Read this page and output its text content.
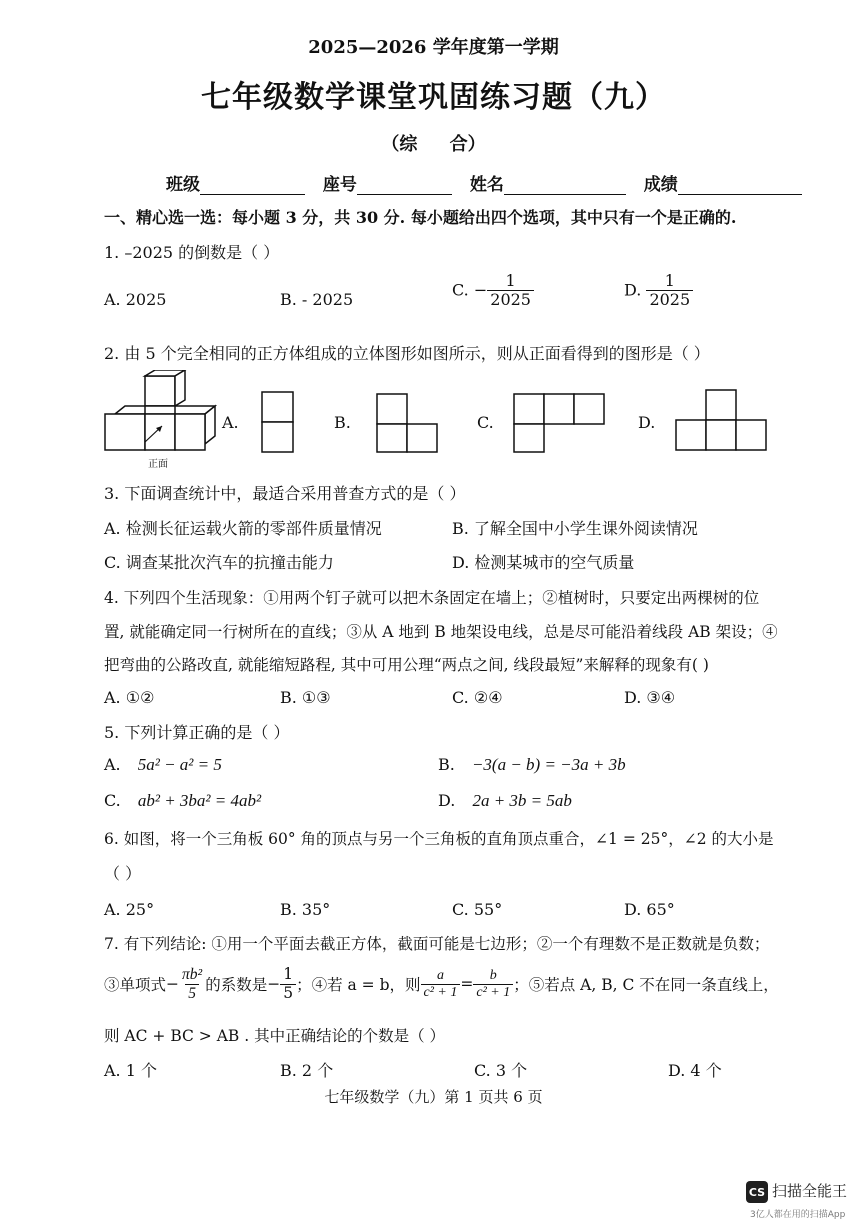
2025—2026 学年度第一学期
七年级数学课堂巩固练习题（九）
（综 合）
班级	座号	姓名	成绩
一、精心选一选：每小题 3 分，共 30 分. 每小题给出四个选项，其中只有一个是正确的.
1. –2025 的倒数是（ ）
A. 2025	B. - 2025
C. − $\frac{1}{2025}$	D. $\frac{1}{2025}$
2. 由 5 个完全相同的正方体组成的立体图形如图所示，则从正面看得到的图形是（ ）
正面
A.	B.	C.	D.
3. 下面调查统计中，最适合采用普查方式的是（ ）
A. 检测长征运载火箭的零部件质量情况	B. 了解全国中小学生课外阅读情况
C. 调查某批次汽车的抗撞击能力	D. 检测某城市的空气质量
4. 下列四个生活现象：①用两个钉子就可以把木条固定在墙上；②植树时，只要定出两棵树的位
置, 就能确定同一行树所在的直线；③从 A 地到 B 地架设电线，总是尽可能沿着线段 AB 架设；④
把弯曲的公路改直, 就能缩短路程, 其中可用公理“两点之间, 线段最短”来解释的现象有( )
A. ①②	B. ①③	C. ②④	D. ③④
5. 下列计算正确的是（ ）
A. 5a² − a² = 5	B. −3(a − b) = −3a + 3b
C. ab² + 3ba² = 4ab²	D. 2a + 3b = 5ab
6. 如图，将一个三角板 60° 角的顶点与另一个三角板的直角顶点重合，∠1 = 25°，∠2 的大小是
（ ）
A. 25°	B. 35°	C. 55°	D. 65°
7. 有下列结论: ①用一个平面去截正方体，截面可能是七边形；②一个有理数不是正数就是负数；
③单项式 − $\frac{\text{πb²}}{5}$ 的系数是 − $\frac{1}{5}$ ；④若 a = b，则 $\frac{a}{\text{c² + 1}} = \frac{b}{\text{c² + 1}}$ ；⑤若点 A, B, C 不在同一条直线上，
则 AC + BC > AB . 其中正确结论的个数是（ ）
A. 1 个	B. 2 个	C. 3 个	D. 4 个
七年级数学（九）第 1 页共 6 页
CS 扫描全能王
3亿人都在用的扫描App
